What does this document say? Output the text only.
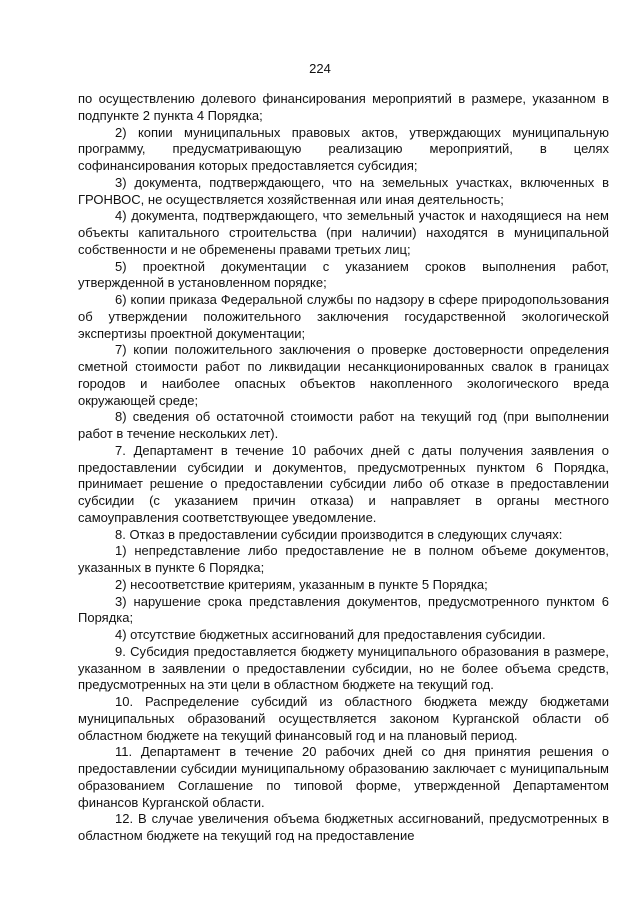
224

по осуществлению долевого финансирования мероприятий в размере, указанном в подпункте 2 пункта 4 Порядка;

2) копии муниципальных правовых актов, утверждающих муниципальную программу, предусматривающую реализацию мероприятий, в целях софинансирования которых предоставляется субсидия;

3) документа, подтверждающего, что на земельных участках, включенных в ГРОНВОС, не осуществляется хозяйственная или иная деятельность;

4) документа, подтверждающего, что земельный участок и находящиеся на нем объекты капитального строительства (при наличии) находятся в муниципальной собственности и не обременены правами третьих лиц;

5) проектной документации с указанием сроков выполнения работ, утвержденной в установленном порядке;

6) копии приказа Федеральной службы по надзору в сфере природопользования об утверждении положительного заключения государственной экологической экспертизы проектной документации;

7) копии положительного заключения о проверке достоверности определения сметной стоимости работ по ликвидации несанкционированных свалок в границах городов и наиболее опасных объектов накопленного экологического вреда окружающей среде;

8) сведения об остаточной стоимости работ на текущий год (при выполнении работ в течение нескольких лет).

7. Департамент в течение 10 рабочих дней с даты получения заявления о предоставлении субсидии и документов, предусмотренных пунктом 6 Порядка, принимает решение о предоставлении субсидии либо об отказе в предоставлении субсидии (с указанием причин отказа) и направляет в органы местного самоуправления соответствующее уведомление.

8. Отказ в предоставлении субсидии производится в следующих случаях:

1) непредставление либо предоставление не в полном объеме документов, указанных в пункте 6 Порядка;

2) несоответствие критериям, указанным в пункте 5 Порядка;

3) нарушение срока представления документов, предусмотренного пунктом 6 Порядка;

4) отсутствие бюджетных ассигнований для предоставления субсидии.

9. Субсидия предоставляется бюджету муниципального образования в размере, указанном в заявлении о предоставлении субсидии, но не более объема средств, предусмотренных на эти цели в областном бюджете на текущий год.

10. Распределение субсидий из областного бюджета между бюджетами муниципальных образований осуществляется законом Курганской области об областном бюджете на текущий финансовый год и на плановый период.

11. Департамент в течение 20 рабочих дней со дня принятия решения о предоставлении субсидии муниципальному образованию заключает с муниципальным образованием Соглашение по типовой форме, утвержденной Департаментом финансов Курганской области.

12. В случае увеличения объема бюджетных ассигнований, предусмотренных в областном бюджете на текущий год на предоставление
